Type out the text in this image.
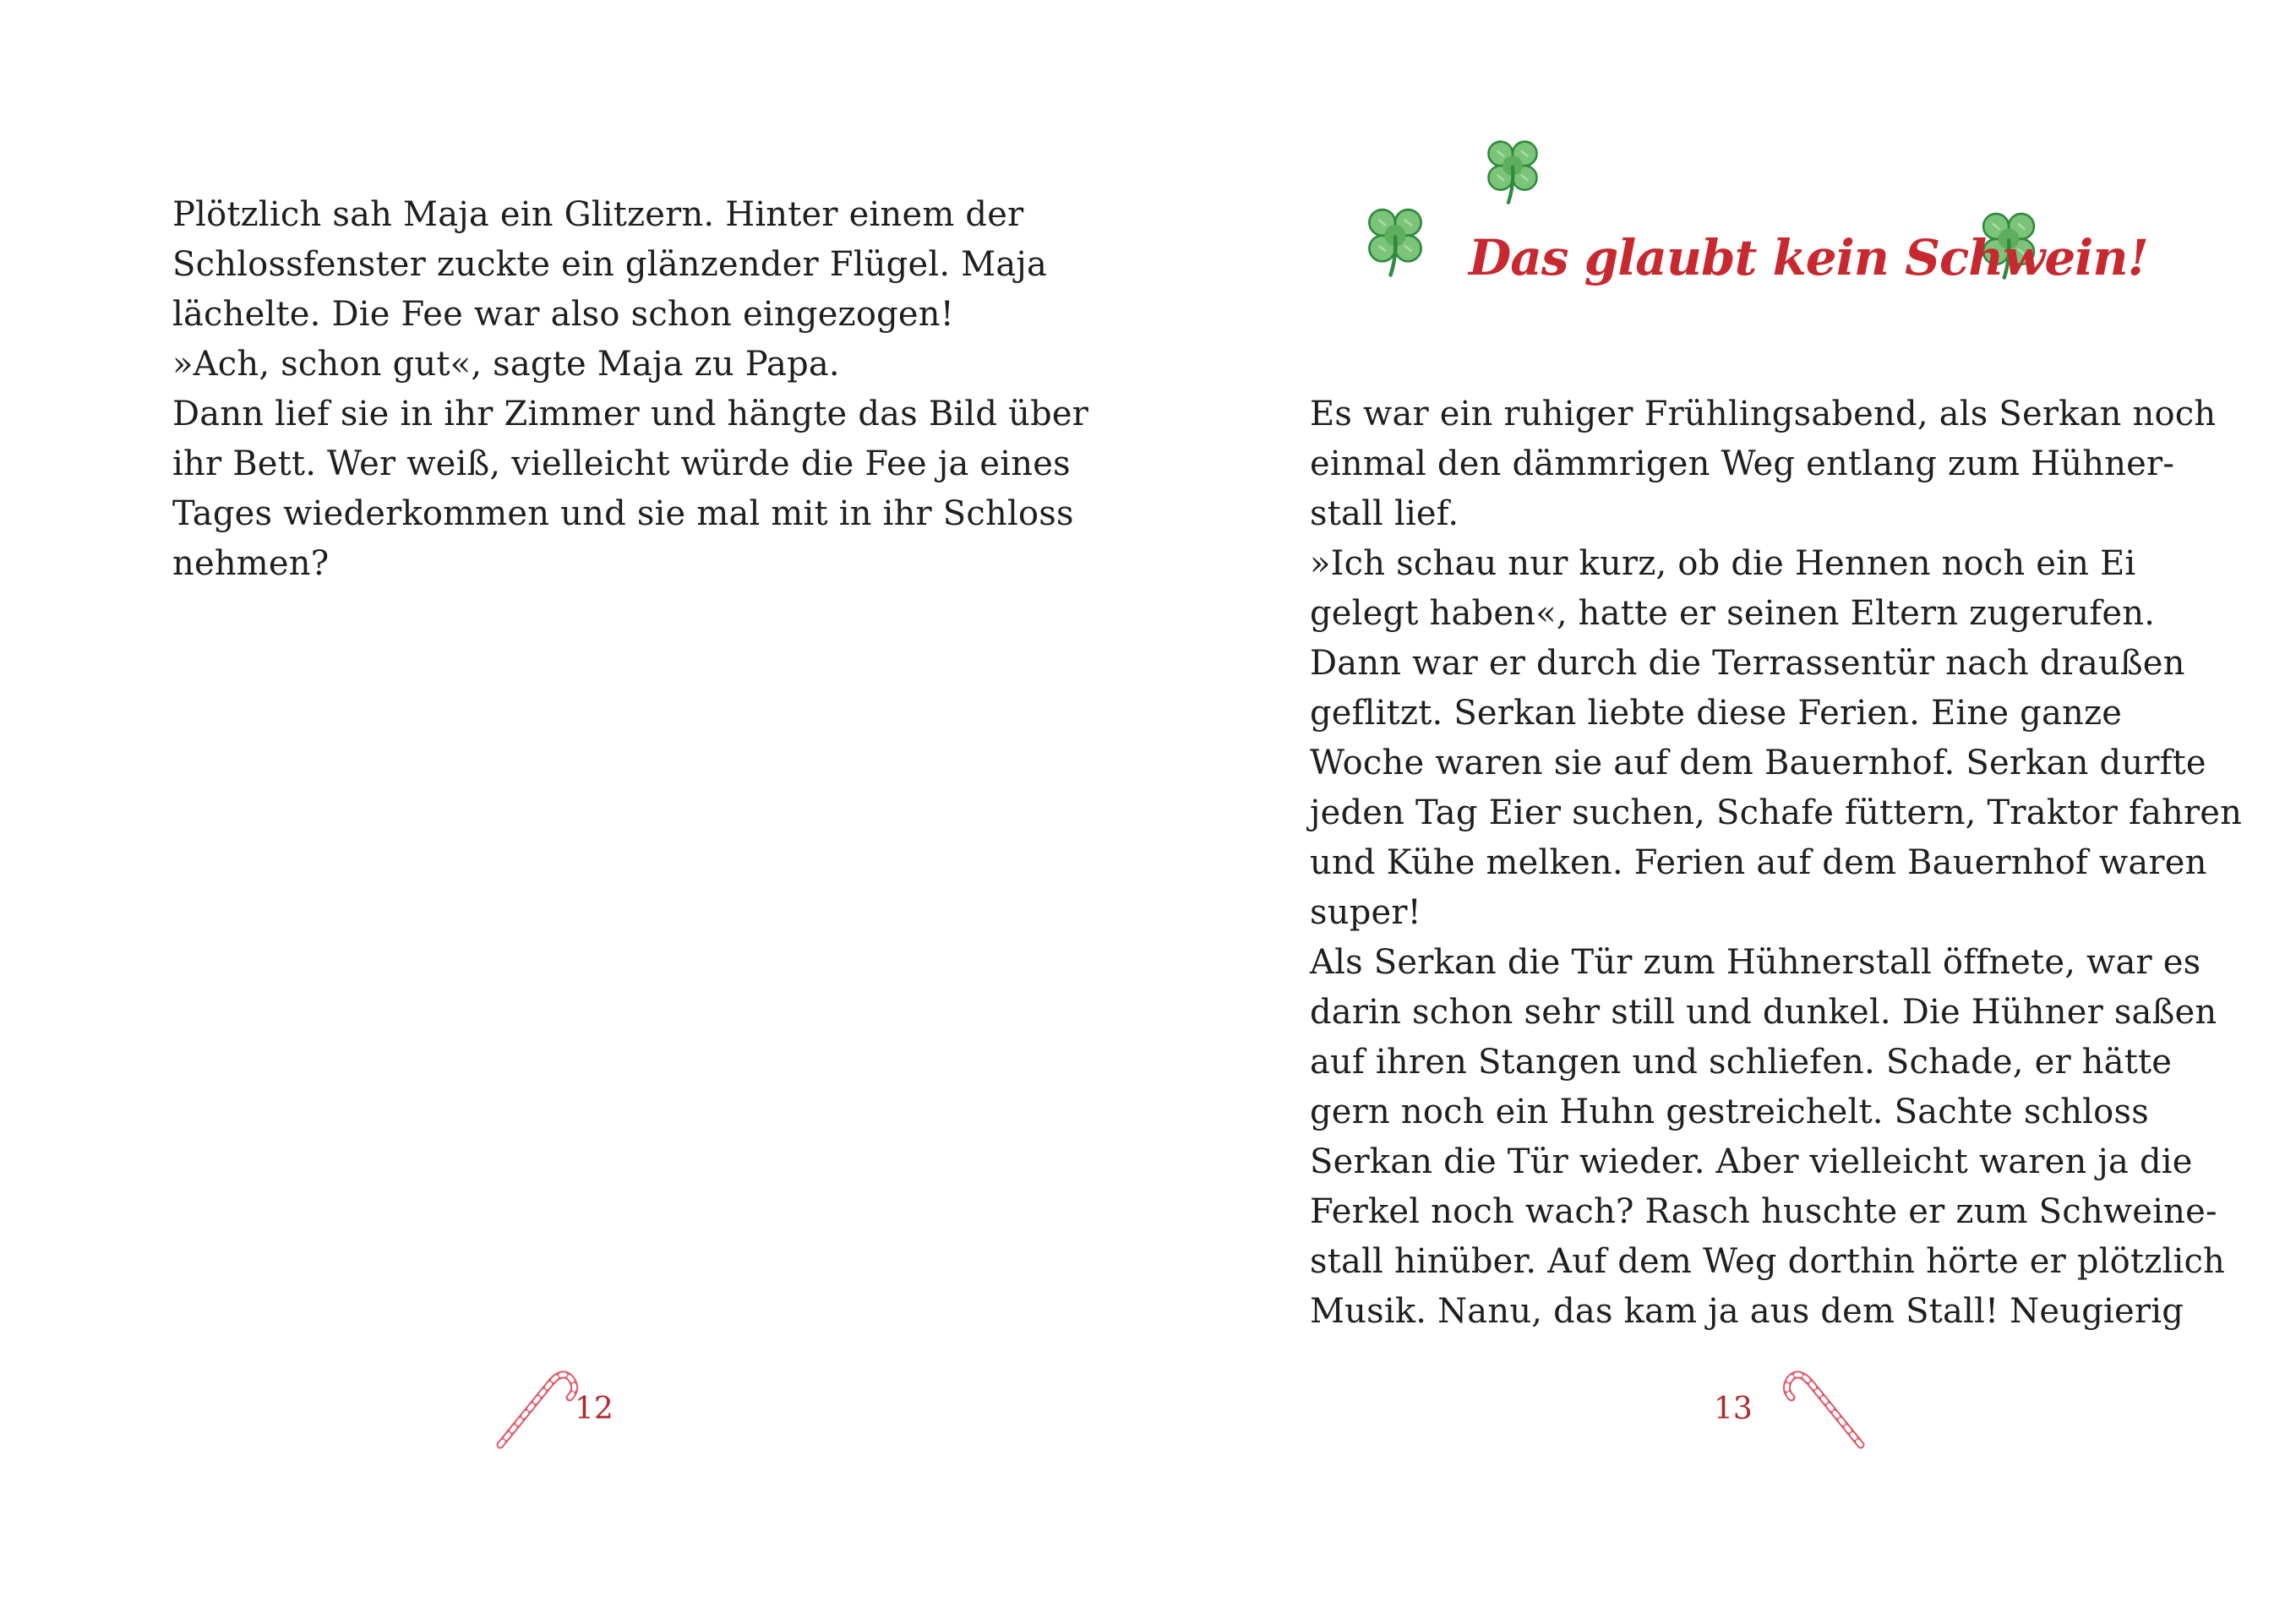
Plötzlich sah Maja ein Glitzern. Hinter einem der
Schlossfenster zuckte ein glänzender Flügel. Maja
lächelte. Die Fee war also schon eingezogen!
»Ach, schon gut«, sagte Maja zu Papa.
Dann lief sie in ihr Zimmer und hängte das Bild über
ihr Bett. Wer weiß, vielleicht würde die Fee ja eines
Tages wiederkommen und sie mal mit in ihr Schloss
nehmen?
12
Das glaubt kein Schwein!
Es war ein ruhiger Frühlingsabend, als Serkan noch
einmal den dämmrigen Weg entlang zum Hühner-
stall lief.
»Ich schau nur kurz, ob die Hennen noch ein Ei
gelegt haben«, hatte er seinen Eltern zugerufen.
Dann war er durch die Terrassentür nach draußen
geflitzt. Serkan liebte diese Ferien. Eine ganze
Woche waren sie auf dem Bauernhof. Serkan durfte
jeden Tag Eier suchen, Schafe füttern, Traktor fahren
und Kühe melken. Ferien auf dem Bauernhof waren
super!
Als Serkan die Tür zum Hühnerstall öffnete, war es
darin schon sehr still und dunkel. Die Hühner saßen
auf ihren Stangen und schliefen. Schade, er hätte
gern noch ein Huhn gestreichelt. Sachte schloss
Serkan die Tür wieder. Aber vielleicht waren ja die
Ferkel noch wach? Rasch huschte er zum Schweine-
stall hinüber. Auf dem Weg dorthin hörte er plötzlich
Musik. Nanu, das kam ja aus dem Stall! Neugierig
13
